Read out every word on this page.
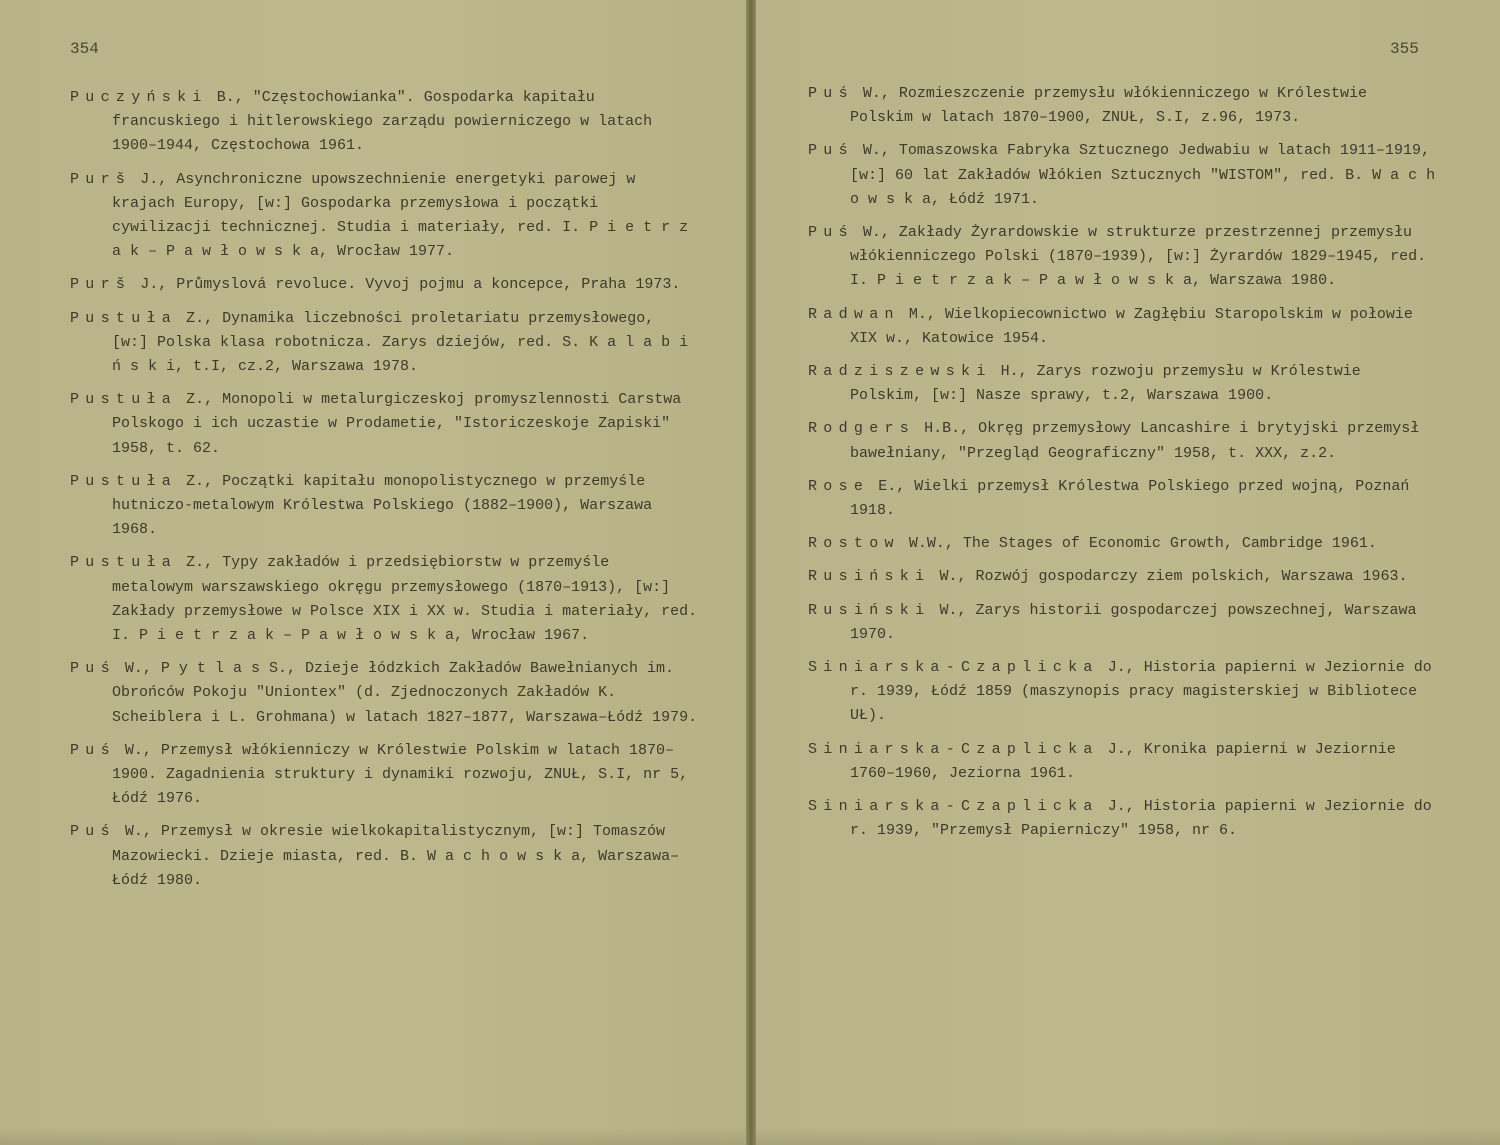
354
Puczyński B., "Częstochowianka". Gospodarka kapitału francuskiego i hitlerowskiego zarządu powierniczego w latach 1900–1944, Częstochowa 1961.
Purš J., Asynchroniczne upowszechnienie energetyki parowej w krajach Europy, [w:] Gospodarka przemysłowa i początki cywilizacji technicznej. Studia i materiały, red. I. P i e t r z a k – P a w ł o w s k a, Wrocław 1977.
Purš J., Průmyslová revoluce. Vyvoj pojmu a koncepce, Praha 1973.
Pustuła Z., Dynamika liczebności proletariatu przemysłowego, [w:] Polska klasa robotnicza. Zarys dziejów, red. S. K a l a b i ń s k i, t.I, cz.2, Warszawa 1978.
Pustuła Z., Monopoli w metalurgiczeskoj promyszlennosti Carstwa Polskogo i ich uczastie w Prodametie, "Istoriczeskoje Zapiski" 1958, t. 62.
Pustuła Z., Początki kapitału monopolistycznego w przemyśle hutniczo-metalowym Królestwa Polskiego (1882–1900), Warszawa 1968.
Pustuła Z., Typy zakładów i przedsiębiorstw w przemyśle metalowym warszawskiego okręgu przemysłowego (1870–1913), [w:] Zakłady przemysłowe w Polsce XIX i XX w. Studia i materiały, red. I. P i e t r z a k – P a w ł o w s k a, Wrocław 1967.
Puś W., P y t l a s S., Dzieje łódzkich Zakładów Bawełnianych im. Obrońców Pokoju "Uniontex" (d. Zjednoczonych Zakładów K. Scheiblera i L. Grohmana) w latach 1827–1877, Warszawa–Łódź 1979.
Puś W., Przemysł włókienniczy w Królestwie Polskim w latach 1870–1900. Zagadnienia struktury i dynamiki rozwoju, ZNUŁ, S.I, nr 5, Łódź 1976.
Puś W., Przemysł w okresie wielkokapitalistycznym, [w:] Tomaszów Mazowiecki. Dzieje miasta, red. B. W a c h o w s k a, Warszawa–Łódź 1980.
355
Puś W., Rozmieszczenie przemysłu włókienniczego w Królestwie Polskim w latach 1870–1900, ZNUŁ, S.I, z.96, 1973.
Puś W., Tomaszowska Fabryka Sztucznego Jedwabiu w latach 1911–1919, [w:] 60 lat Zakładów Włókien Sztucznych "WISTOM", red. B. W a c h o w s k a, Łódź 1971.
Puś W., Zakłady Żyrardowskie w strukturze przestrzennej przemysłu włókienniczego Polski (1870–1939), [w:] Żyrardów 1829–1945, red. I. P i e t r z a k – P a w ł o w s k a, Warszawa 1980.
Radwan M., Wielkopiecownictwo w Zagłębiu Staropolskim w połowie XIX w., Katowice 1954.
Radziszewski H., Zarys rozwoju przemysłu w Królestwie Polskim, [w:] Nasze sprawy, t.2, Warszawa 1900.
Rodgers H.B., Okręg przemysłowy Lancashire i brytyjski przemysł bawełniany, "Przegląd Geograficzny" 1958, t. XXX, z.2.
Rose E., Wielki przemysł Królestwa Polskiego przed wojną, Poznań 1918.
Rostow W.W., The Stages of Economic Growth, Cambridge 1961.
Rusiński W., Rozwój gospodarczy ziem polskich, Warszawa 1963.
Rusiński W., Zarys historii gospodarczej powszechnej, Warszawa 1970.
Siniarska-Czaplicka J., Historia papierni w Jeziornie do r. 1939, Łódź 1859 (maszynopis pracy magisterskiej w Bibliotece UŁ).
Siniarska-Czaplicka J., Kronika papierni w Jeziornie 1760–1960, Jeziorna 1961.
Siniarska-Czaplicka J., Historia papierni w Jeziornie do r. 1939, "Przemysł Papierniczy" 1958, nr 6.
